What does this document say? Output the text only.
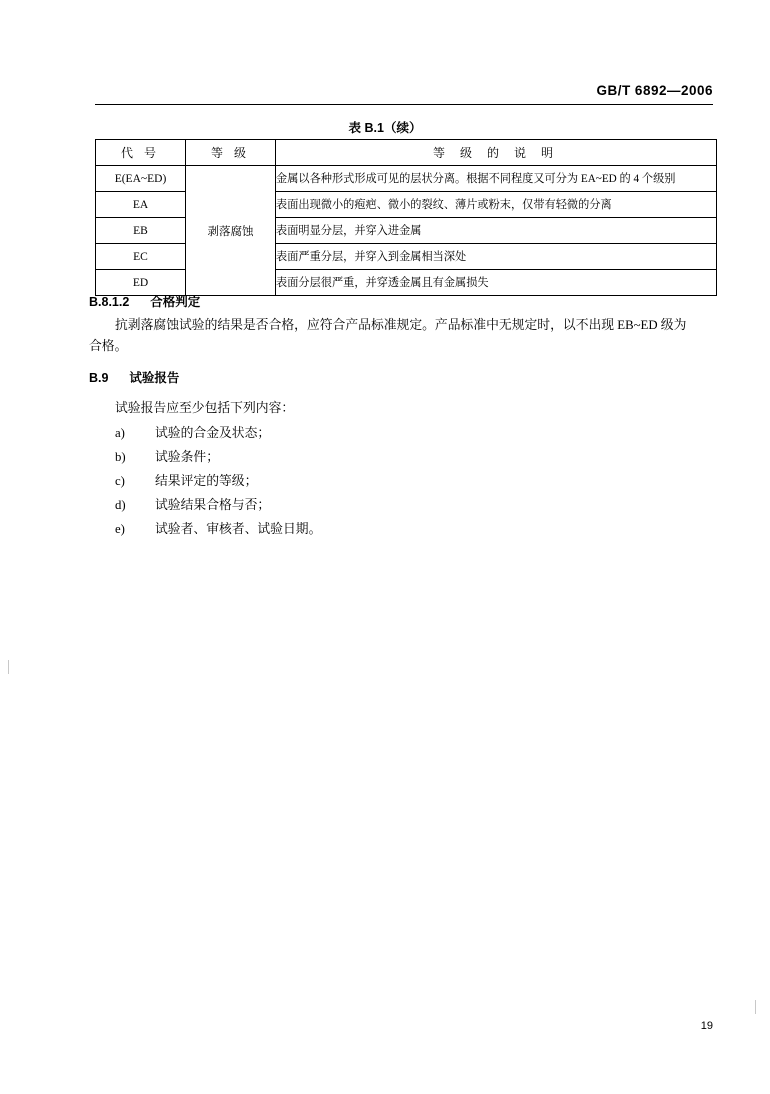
GB/T 6892—2006
表 B.1（续）
代 号	等 级	等 级 的 说 明
E(EA~ED)	剥落腐蚀	金属以各种形式形成可见的层状分离。根据不同程度又可分为 EA~ED 的 4 个级别
EA		表面出现微小的疱疤、微小的裂纹、薄片或粉末，仅带有轻微的分离
EB		表面明显分层，并穿入进金属
EC		表面严重分层，并穿入到金属相当深处
ED		表面分层很严重，并穿透金属且有金属损失
B.8.1.2 合格判定
抗剥落腐蚀试验的结果是否合格，应符合产品标准规定。产品标准中无规定时，以不出现 EB~ED 级为合格。
B.9 试验报告
试验报告应至少包括下列内容：
a) 试验的合金及状态；
b) 试验条件；
c) 结果评定的等级；
d) 试验结果合格与否；
e) 试验者、审核者、试验日期。
19
